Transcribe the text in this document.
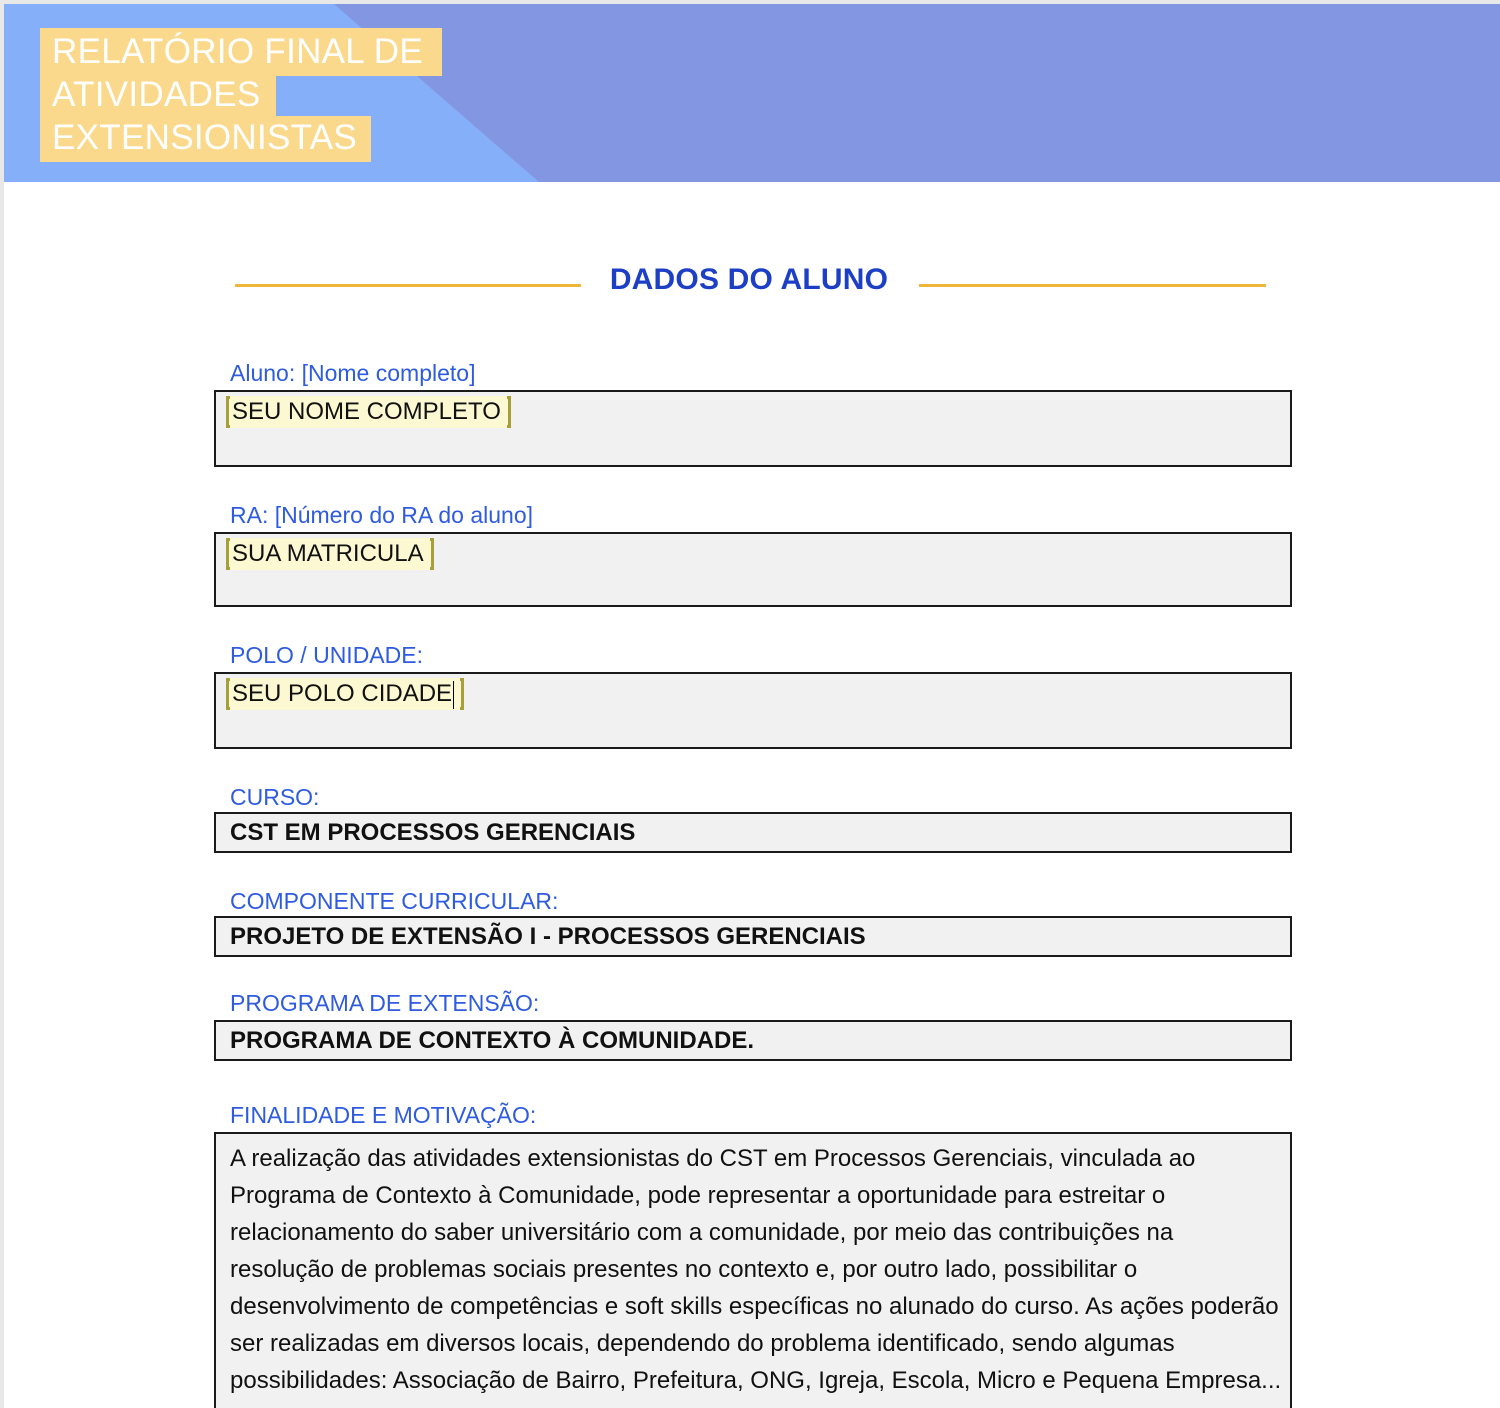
RELATÓRIO FINAL DE
ATIVIDADES
EXTENSIONISTAS
DADOS DO ALUNO
Aluno: [Nome completo]
SEU NOME COMPLETO
RA: [Número do RA do aluno]
SUA MATRICULA
POLO / UNIDADE:
SEU POLO CIDADE
CURSO:
CST EM PROCESSOS GERENCIAIS
COMPONENTE CURRICULAR:
PROJETO DE EXTENSÃO I - PROCESSOS GERENCIAIS
PROGRAMA DE EXTENSÃO:
PROGRAMA DE CONTEXTO À COMUNIDADE.
FINALIDADE E MOTIVAÇÃO:
A realização das atividades extensionistas do CST em Processos Gerenciais, vinculada ao Programa de Contexto à Comunidade, pode representar a oportunidade para estreitar o relacionamento do saber universitário com a comunidade, por meio das contribuições na resolução de problemas sociais presentes no contexto e, por outro lado, possibilitar o desenvolvimento de competências e soft skills específicas no alunado do curso. As ações poderão ser realizadas em diversos locais, dependendo do problema identificado, sendo algumas possibilidades: Associação de Bairro, Prefeitura, ONG, Igreja, Escola, Micro e Pequena Empresa...
